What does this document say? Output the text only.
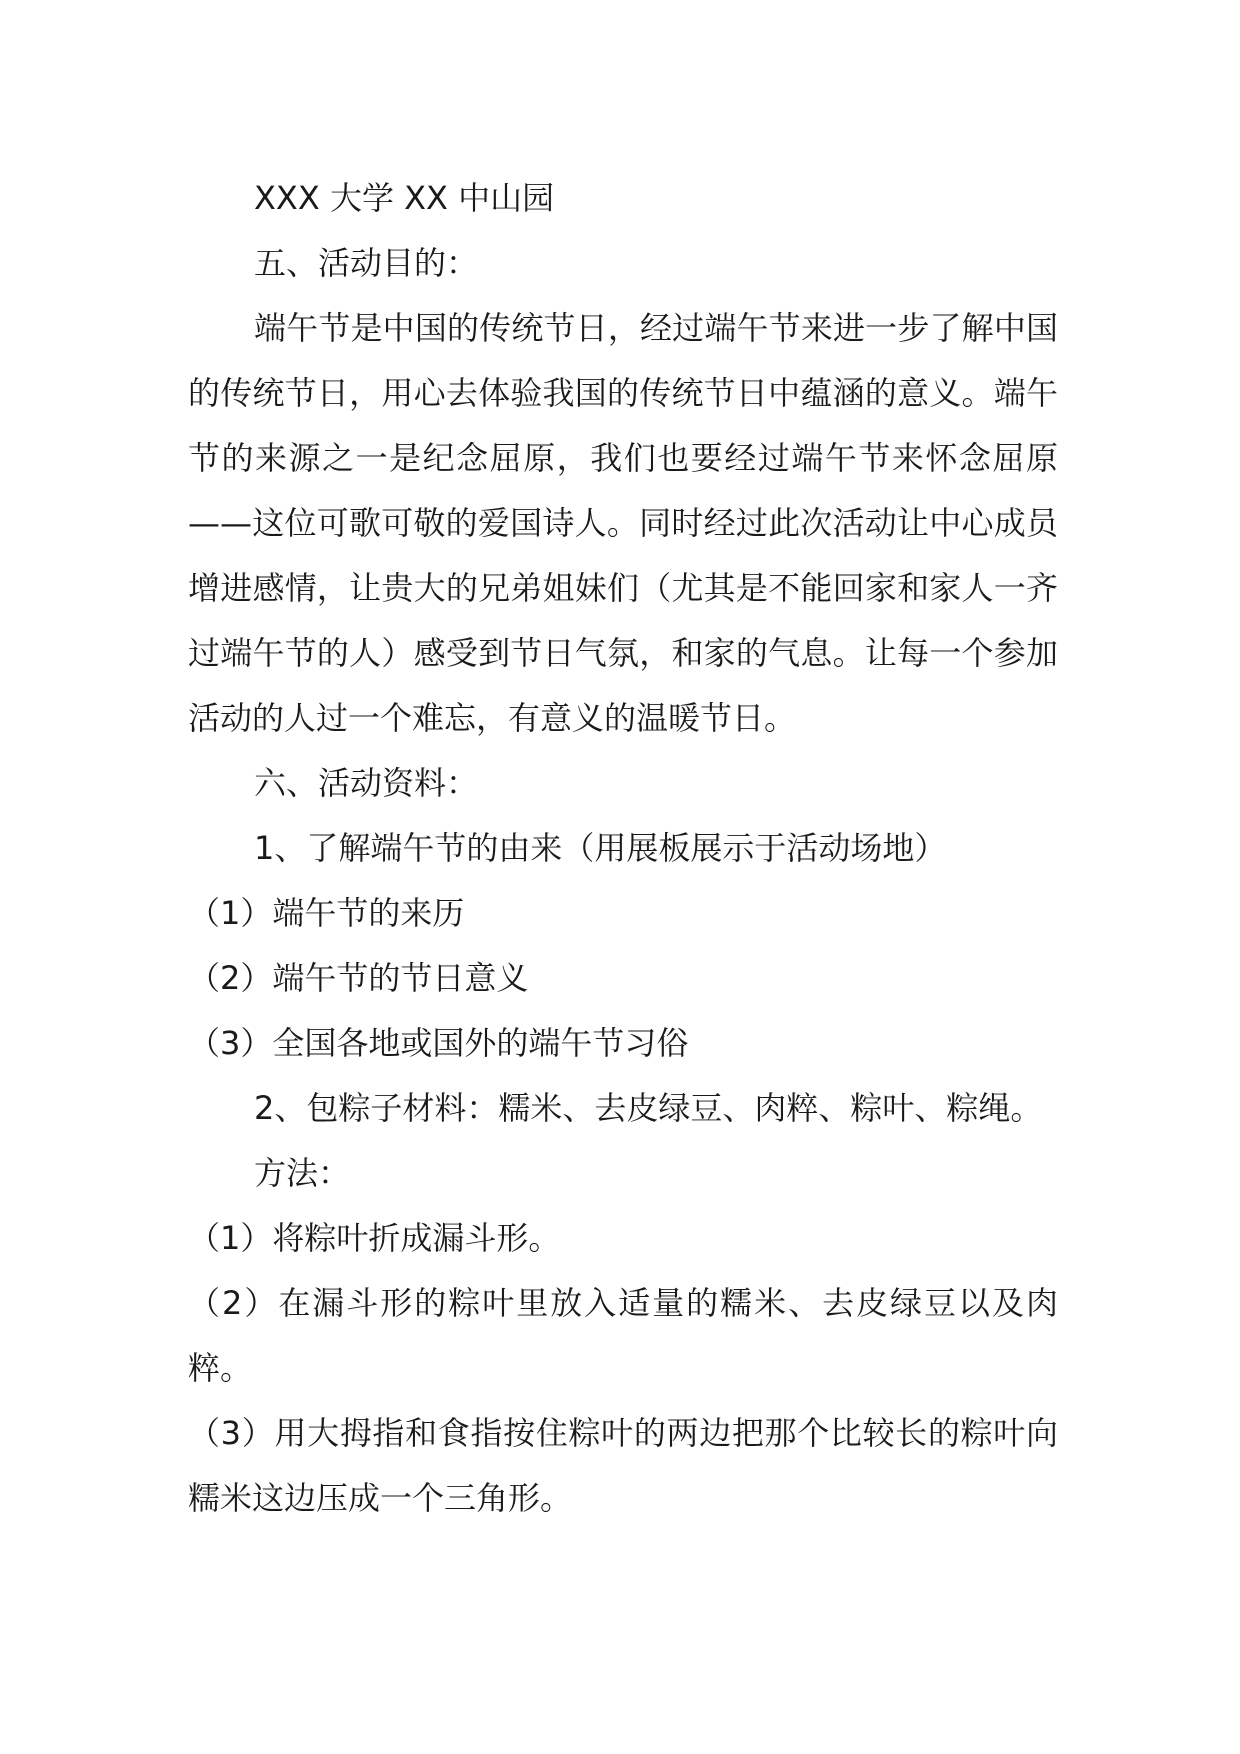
XXX 大学 XX 中山园

五、活动目的：

端午节是中国的传统节日，经过端午节来进一步了解中国的传统节日，用心去体验我国的传统节日中蕴涵的意义。端午节的来源之一是纪念屈原，我们也要经过端午节来怀念屈原——这位可歌可敬的爱国诗人。同时经过此次活动让中心成员增进感情，让贵大的兄弟姐妹们（尤其是不能回家和家人一齐过端午节的人）感受到节日气氛，和家的气息。让每一个参加活动的人过一个难忘，有意义的温暖节日。

六、活动资料：

1、了解端午节的由来（用展板展示于活动场地）

（1）端午节的来历

（2）端午节的节日意义

（3）全国各地或国外的端午节习俗

2、包粽子材料：糯米、去皮绿豆、肉粹、粽叶、粽绳。

方法：

（1）将粽叶折成漏斗形。

（2）在漏斗形的粽叶里放入适量的糯米、去皮绿豆以及肉粹。

（3）用大拇指和食指按住粽叶的两边把那个比较长的粽叶向糯米这边压成一个三角形。
